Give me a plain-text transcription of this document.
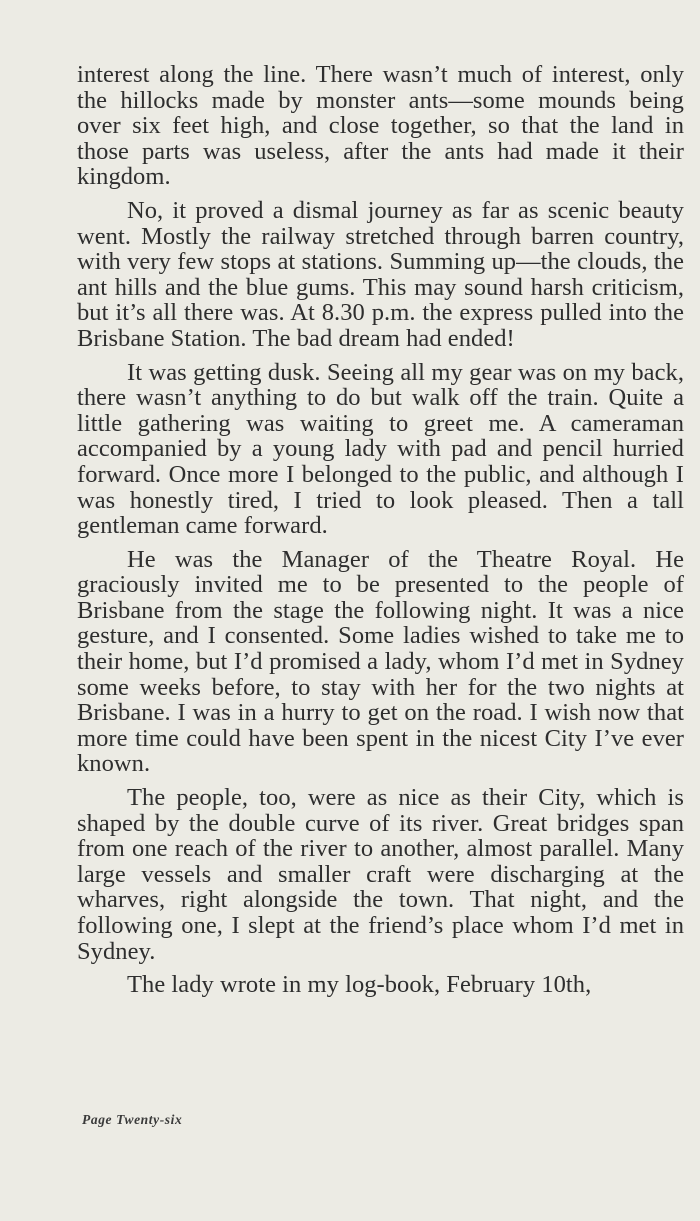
interest along the line. There wasn’t much of interest, only the hillocks made by monster ants—some mounds being over six feet high, and close together, so that the land in those parts was useless, after the ants had made it their kingdom.

No, it proved a dismal journey as far as scenic beauty went. Mostly the railway stretched through barren country, with very few stops at stations. Summing up—the clouds, the ant hills and the blue gums. This may sound harsh criticism, but it’s all there was. At 8.30 p.m. the express pulled into the Brisbane Station. The bad dream had ended!

It was getting dusk. Seeing all my gear was on my back, there wasn’t anything to do but walk off the train. Quite a little gathering was waiting to greet me. A cameraman accompanied by a young lady with pad and pencil hurried forward. Once more I belonged to the public, and although I was honestly tired, I tried to look pleased. Then a tall gentleman came forward.

He was the Manager of the Theatre Royal. He graciously invited me to be presented to the people of Brisbane from the stage the following night. It was a nice gesture, and I consented. Some ladies wished to take me to their home, but I’d promised a lady, whom I’d met in Sydney some weeks before, to stay with her for the two nights at Brisbane. I was in a hurry to get on the road. I wish now that more time could have been spent in the nicest City I’ve ever known.

The people, too, were as nice as their City, which is shaped by the double curve of its river. Great bridges span from one reach of the river to another, almost parallel. Many large vessels and smaller craft were discharging at the wharves, right alongside the town. That night, and the following one, I slept at the friend’s place whom I’d met in Sydney.

The lady wrote in my log-book, February 10th,

Page Twenty-six
